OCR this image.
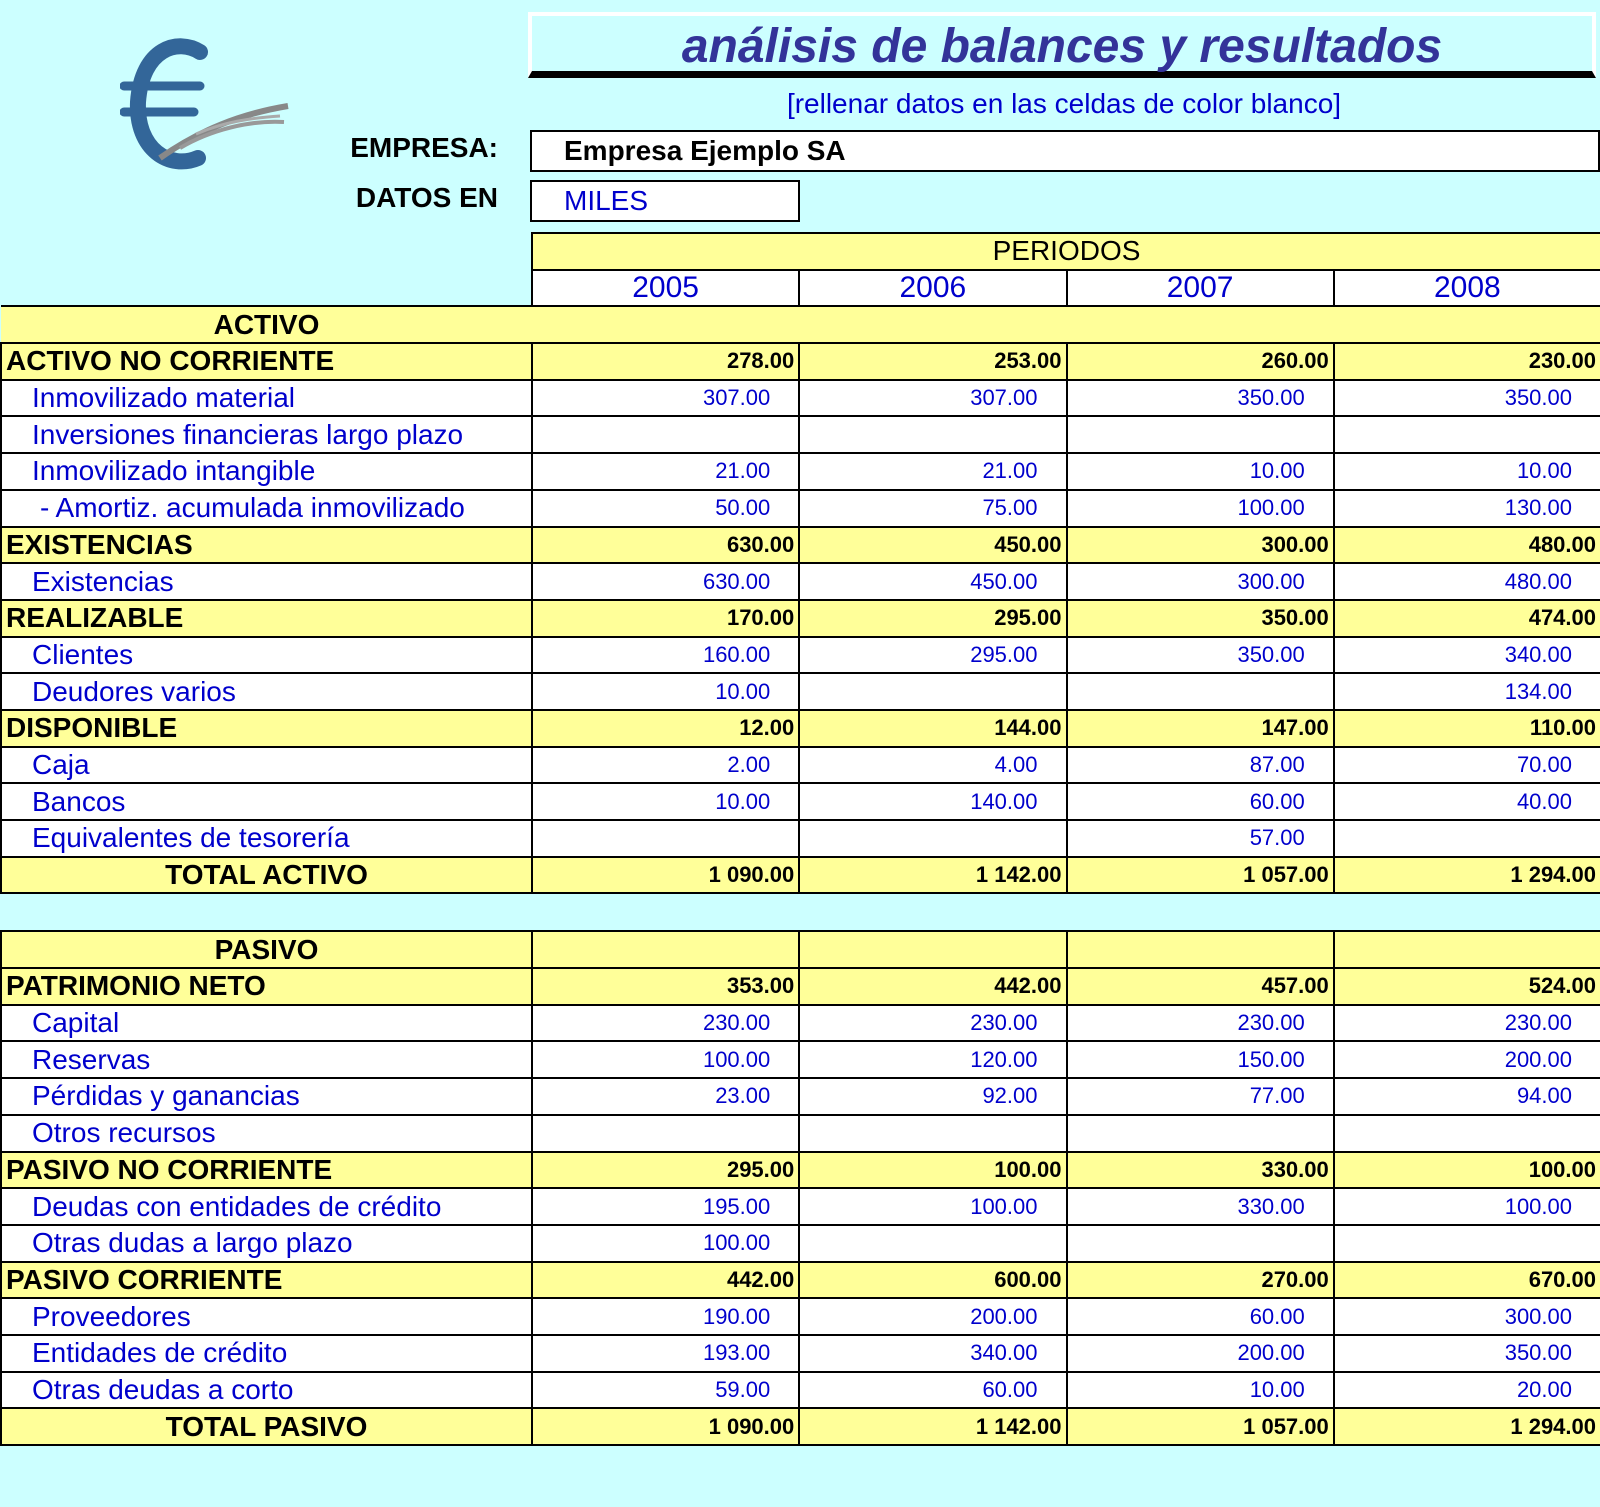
análisis de balances y resultados
[rellenar datos en las celdas de color blanco]
EMPRESA:	Empresa Ejemplo SA
DATOS EN	MILES
	PERIODOS			
	2005	2006	2007	2008
ACTIVO				
ACTIVO NO CORRIENTE	278.00	253.00	260.00	230.00
Inmovilizado material	307.00	307.00	350.00	350.00
Inversiones financieras largo plazo				
Inmovilizado intangible	21.00	21.00	10.00	10.00
- Amortiz. acumulada inmovilizado	50.00	75.00	100.00	130.00
EXISTENCIAS	630.00	450.00	300.00	480.00
Existencias	630.00	450.00	300.00	480.00
REALIZABLE	170.00	295.00	350.00	474.00
Clientes	160.00	295.00	350.00	340.00
Deudores varios	10.00			134.00
DISPONIBLE	12.00	144.00	147.00	110.00
Caja	2.00	4.00	87.00	70.00
Bancos	10.00	140.00	60.00	40.00
Equivalentes de tesorería			57.00	
TOTAL ACTIVO	1 090.00	1 142.00	1 057.00	1 294.00

PASIVO				
PATRIMONIO NETO	353.00	442.00	457.00	524.00
Capital	230.00	230.00	230.00	230.00
Reservas	100.00	120.00	150.00	200.00
Pérdidas y ganancias	23.00	92.00	77.00	94.00
Otros recursos				
PASIVO NO CORRIENTE	295.00	100.00	330.00	100.00
Deudas con entidades de crédito	195.00	100.00	330.00	100.00
Otras dudas a largo plazo	100.00			
PASIVO CORRIENTE	442.00	600.00	270.00	670.00
Proveedores	190.00	200.00	60.00	300.00
Entidades de crédito	193.00	340.00	200.00	350.00
Otras deudas a corto	59.00	60.00	10.00	20.00
TOTAL PASIVO	1 090.00	1 142.00	1 057.00	1 294.00
